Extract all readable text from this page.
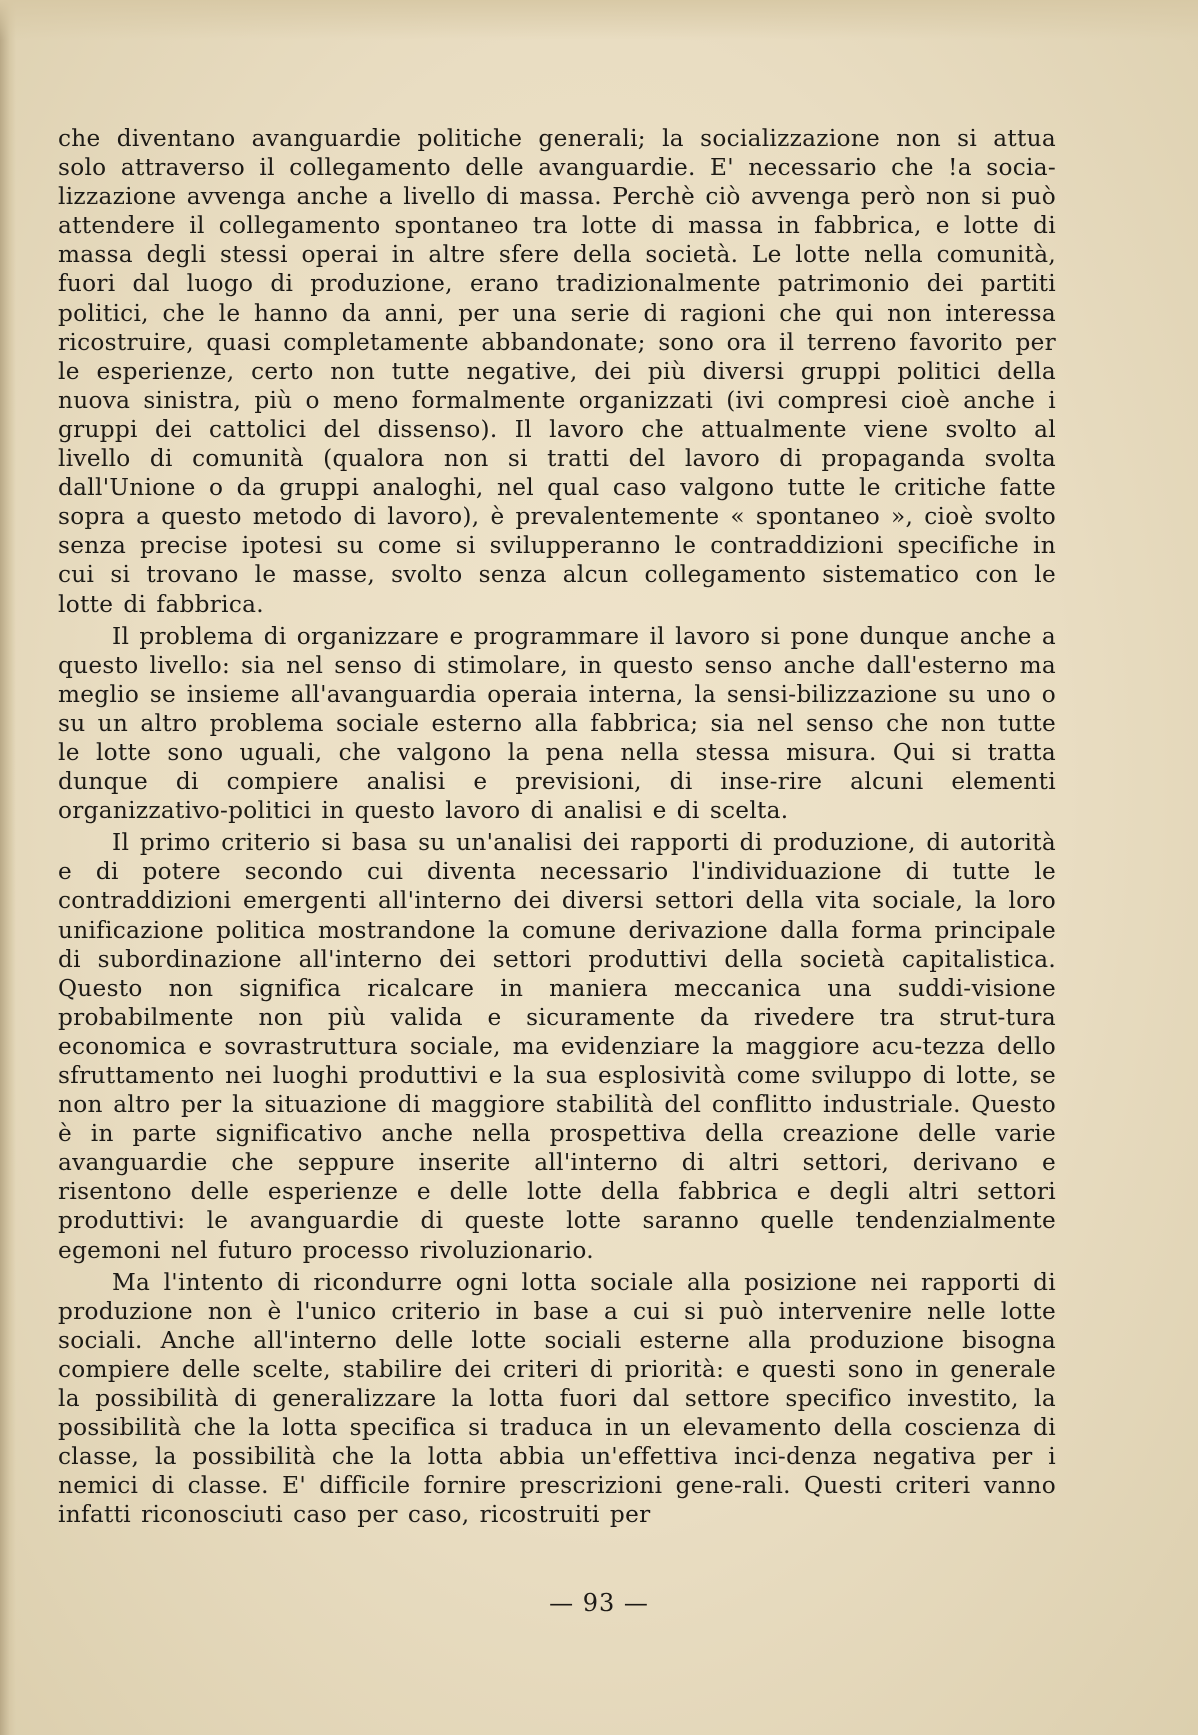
che diventano avanguardie politiche generali; la socializzazione non si attua solo attraverso il collegamento delle avanguardie. E' necessario che !a socia-lizzazione avvenga anche a livello di massa. Perchè ciò avvenga però non si può attendere il collegamento spontaneo tra lotte di massa in fabbrica, e lotte di massa degli stessi operai in altre sfere della società. Le lotte nella comunità, fuori dal luogo di produzione, erano tradizionalmente patrimonio dei partiti politici, che le hanno da anni, per una serie di ragioni che qui non interessa ricostruire, quasi completamente abbandonate; sono ora il terreno favorito per le esperienze, certo non tutte negative, dei più diversi gruppi politici della nuova sinistra, più o meno formalmente organizzati (ivi compresi cioè anche i gruppi dei cattolici del dissenso). Il lavoro che attualmente viene svolto al livello di comunità (qualora non si tratti del lavoro di propaganda svolta dall'Unione o da gruppi analoghi, nel qual caso valgono tutte le critiche fatte sopra a questo metodo di lavoro), è prevalentemente « spontaneo », cioè svolto senza precise ipotesi su come si svilupperanno le contraddizioni specifiche in cui si trovano le masse, svolto senza alcun collegamento sistematico con le lotte di fabbrica.

Il problema di organizzare e programmare il lavoro si pone dunque anche a questo livello: sia nel senso di stimolare, in questo senso anche dall'esterno ma meglio se insieme all'avanguardia operaia interna, la sensi-bilizzazione su uno o su un altro problema sociale esterno alla fabbrica; sia nel senso che non tutte le lotte sono uguali, che valgono la pena nella stessa misura. Qui si tratta dunque di compiere analisi e previsioni, di inse-rire alcuni elementi organizzativo-politici in questo lavoro di analisi e di scelta.

Il primo criterio si basa su un'analisi dei rapporti di produzione, di autorità e di potere secondo cui diventa necessario l'individuazione di tutte le contraddizioni emergenti all'interno dei diversi settori della vita sociale, la loro unificazione politica mostrandone la comune derivazione dalla forma principale di subordinazione all'interno dei settori produttivi della società capitalistica. Questo non significa ricalcare in maniera meccanica una suddi-visione probabilmente non più valida e sicuramente da rivedere tra strut-tura economica e sovrastruttura sociale, ma evidenziare la maggiore acu-tezza dello sfruttamento nei luoghi produttivi e la sua esplosività come sviluppo di lotte, se non altro per la situazione di maggiore stabilità del conflitto industriale. Questo è in parte significativo anche nella prospettiva della creazione delle varie avanguardie che seppure inserite all'interno di altri settori, derivano e risentono delle esperienze e delle lotte della fabbrica e degli altri settori produttivi: le avanguardie di queste lotte saranno quelle tendenzialmente egemoni nel futuro processo rivoluzionario.

Ma l'intento di ricondurre ogni lotta sociale alla posizione nei rapporti di produzione non è l'unico criterio in base a cui si può intervenire nelle lotte sociali. Anche all'interno delle lotte sociali esterne alla produzione bisogna compiere delle scelte, stabilire dei criteri di priorità: e questi sono in generale la possibilità di generalizzare la lotta fuori dal settore specifico investito, la possibilità che la lotta specifica si traduca in un elevamento della coscienza di classe, la possibilità che la lotta abbia un'effettiva inci-denza negativa per i nemici di classe. E' difficile fornire prescrizioni gene-rali. Questi criteri vanno infatti riconosciuti caso per caso, ricostruiti per

— 93 —
